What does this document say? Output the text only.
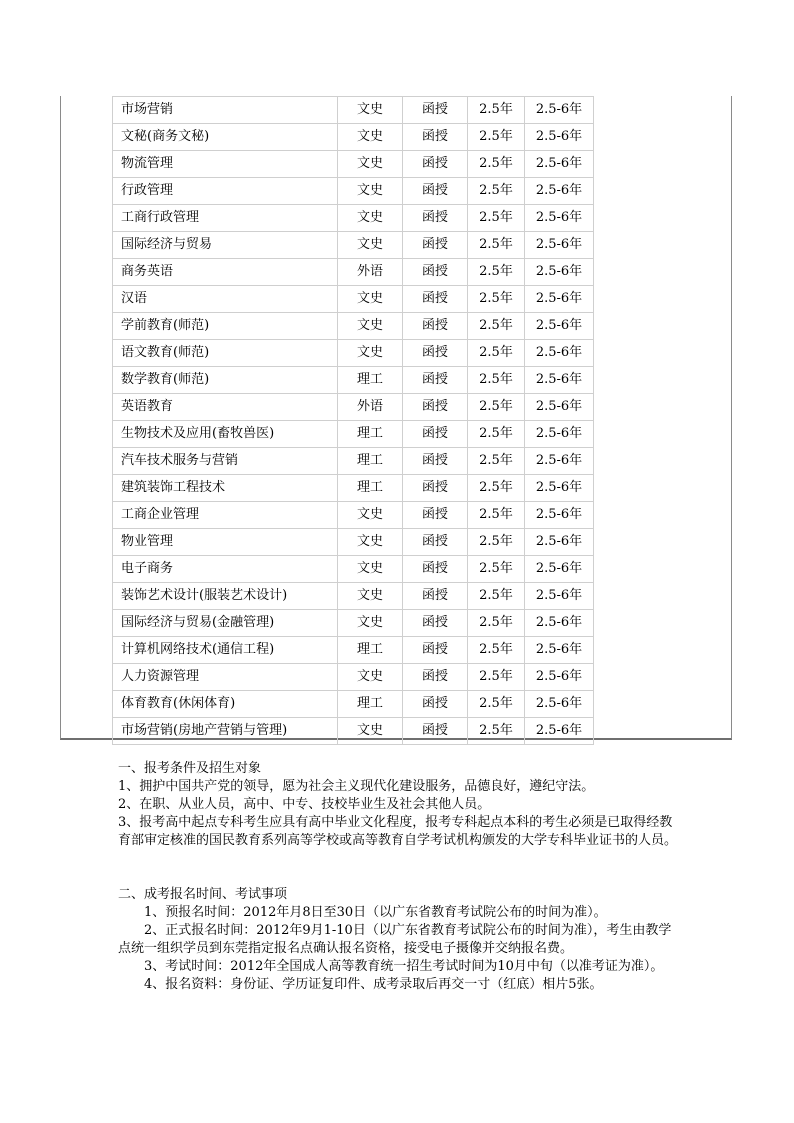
市场营销	文史	函授	2.5年	2.5-6年
文秘(商务文秘)	文史	函授	2.5年	2.5-6年
物流管理	文史	函授	2.5年	2.5-6年
行政管理	文史	函授	2.5年	2.5-6年
工商行政管理	文史	函授	2.5年	2.5-6年
国际经济与贸易	文史	函授	2.5年	2.5-6年
商务英语	外语	函授	2.5年	2.5-6年
汉语	文史	函授	2.5年	2.5-6年
学前教育(师范)	文史	函授	2.5年	2.5-6年
语文教育(师范)	文史	函授	2.5年	2.5-6年
数学教育(师范)	理工	函授	2.5年	2.5-6年
英语教育	外语	函授	2.5年	2.5-6年
生物技术及应用(畜牧兽医)	理工	函授	2.5年	2.5-6年
汽车技术服务与营销	理工	函授	2.5年	2.5-6年
建筑装饰工程技术	理工	函授	2.5年	2.5-6年
工商企业管理	文史	函授	2.5年	2.5-6年
物业管理	文史	函授	2.5年	2.5-6年
电子商务	文史	函授	2.5年	2.5-6年
装饰艺术设计(服装艺术设计)	文史	函授	2.5年	2.5-6年
国际经济与贸易(金融管理)	文史	函授	2.5年	2.5-6年
计算机网络技术(通信工程)	理工	函授	2.5年	2.5-6年
人力资源管理	文史	函授	2.5年	2.5-6年
体育教育(休闲体育)	理工	函授	2.5年	2.5-6年
市场营销(房地产营销与管理)	文史	函授	2.5年	2.5-6年

一、报考条件及招生对象

1、拥护中国共产党的领导，愿为社会主义现代化建设服务，品德良好，遵纪守法。

2、在职、从业人员，高中、中专、技校毕业生及社会其他人员。

3、报考高中起点专科考生应具有高中毕业文化程度，报考专科起点本科的考生必须是已取得经教育部审定核准的国民教育系列高等学校或高等教育自学考试机构颁发的大学专科毕业证书的人员。

二、成考报名时间、考试事项

1、预报名时间：2012年月8日至30日（以广东省教育考试院公布的时间为准）。

2、正式报名时间：2012年9月1-10日（以广东省教育考试院公布的时间为准），考生由教学点统一组织学员到东莞指定报名点确认报名资格，接受电子摄像并交纳报名费。

3、考试时间：2012年全国成人高等教育统一招生考试时间为10月中旬（以准考证为准）。

4、报名资料：身份证、学历证复印件、成考录取后再交一寸（红底）相片5张。
